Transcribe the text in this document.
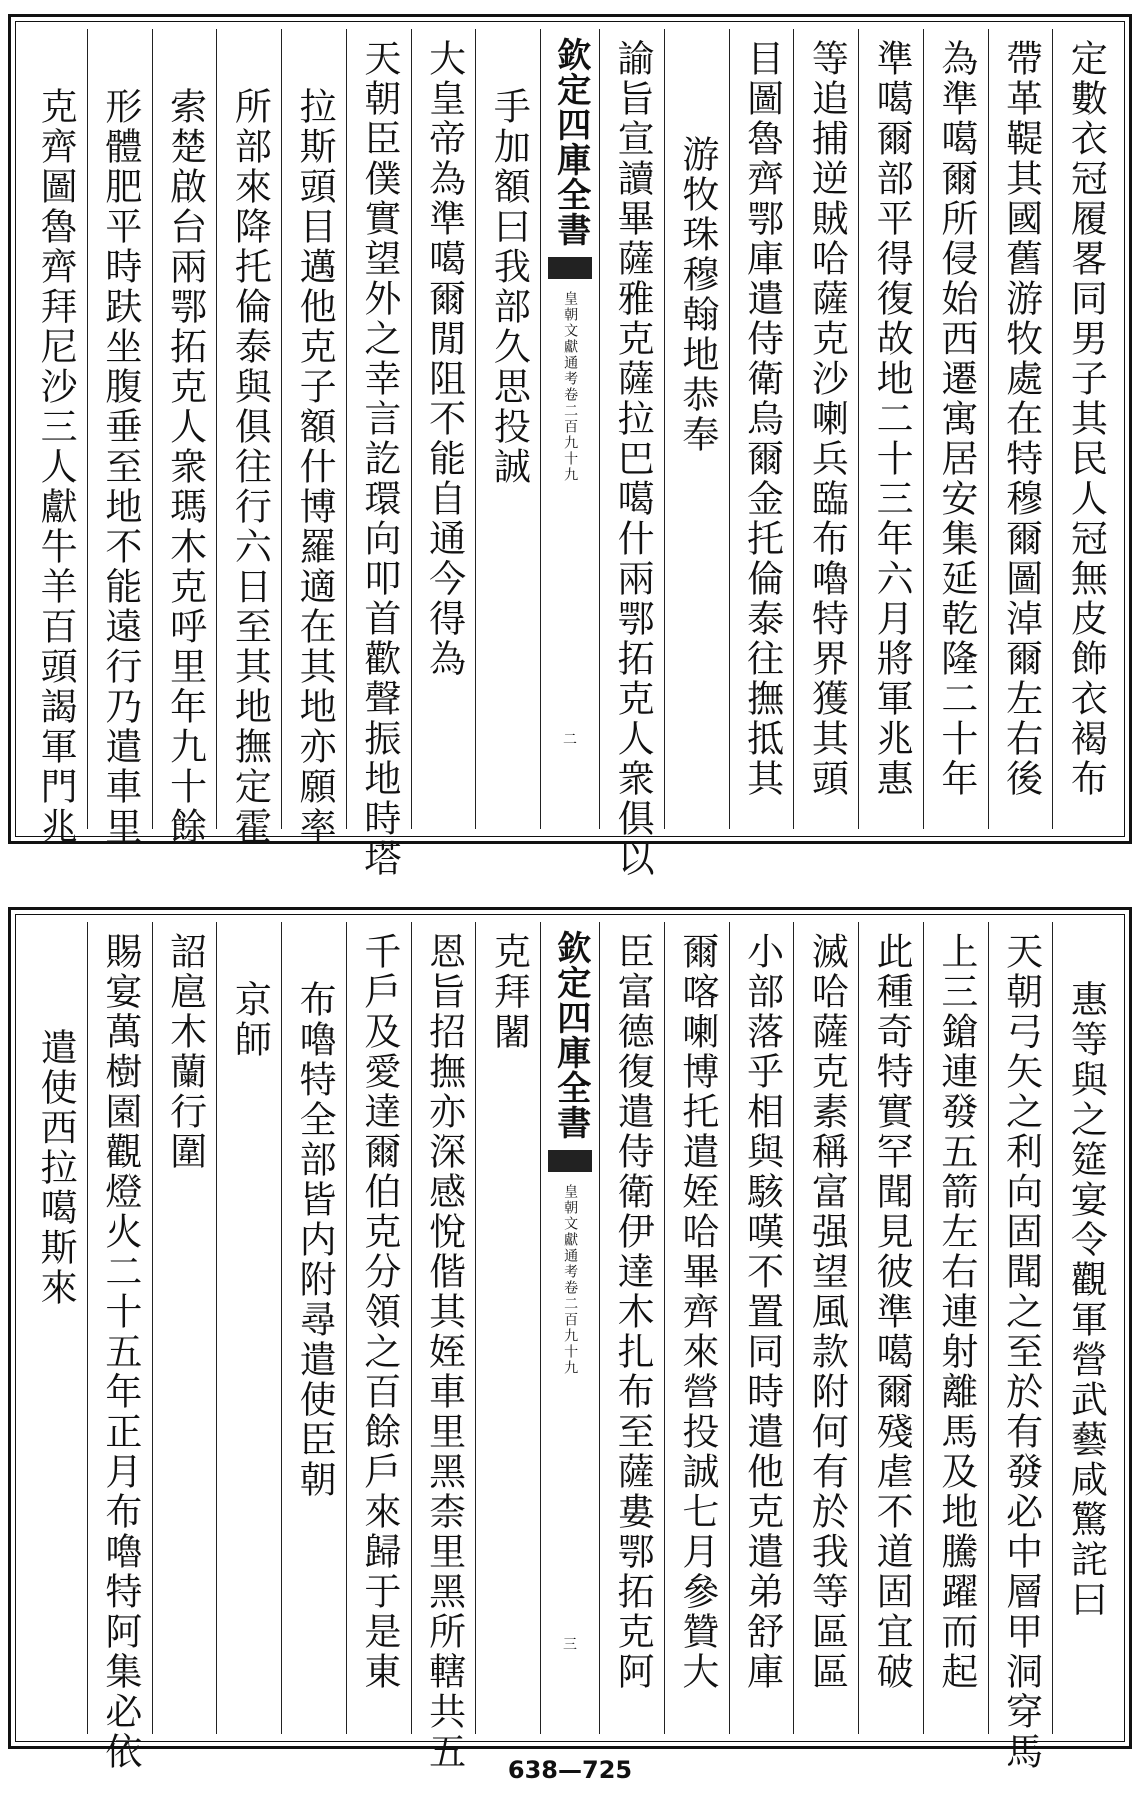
定數衣冠履畧同男子其民人冠無皮飾衣褐布
帶革鞮其國舊游牧處在特穆爾圖淖爾左右後
為準噶爾所侵始西遷寓居安集延乾隆二十年
準噶爾部平得復故地二十三年六月將軍兆惠
等追捕逆賊哈薩克沙喇兵臨布嚕特界獲其頭
目圖魯齊鄂庫遣侍衛烏爾金托倫泰往撫抵其
游牧珠穆翰地恭奉
諭旨宣讀畢薩雅克薩拉巴噶什兩鄂拓克人衆俱以
欽定四庫全書
皇朝文獻通考
卷二百九十九
二
手加額曰我部久思投誠
大皇帝為準噶爾閒阻不能自通今得為
天朝臣僕實望外之幸言訖環向叩首歡聲振地時塔
拉斯頭目邁他克子額什博羅適在其地亦願率
所部來降托倫泰與俱往行六日至其地撫定霍
索楚啟台兩鄂拓克人衆瑪木克呼里年九十餘
形體肥平時趺坐腹垂至地不能遠行乃遣車里
克齊圖魯齊拜尼沙三人獻牛羊百頭謁軍門兆
惠等與之筵宴令觀軍營武藝咸驚詫曰
天朝弓矢之利向固聞之至於有發必中層甲洞穿馬
上三鎗連發五箭左右連射離馬及地騰躍而起
此種奇特實罕聞見彼準噶爾殘虐不道固宜破
滅哈薩克素稱富强望風款附何有於我等區區
小部落乎相與駭嘆不置同時遣他克遣弟舒庫
爾喀喇博托遣姪哈畢齊來營投誠七月參贊大
臣富德復遣侍衛伊達木扎布至薩婁鄂拓克阿
欽定四庫全書
皇朝文獻通考
卷二百九十九
三
克拜闍
恩旨招撫亦深感悅偕其姪車里黑柰里黑所轄共五
千戶及愛達爾伯克分領之百餘戶來歸于是東
布嚕特全部皆内附尋遣使臣朝
京師
詔扈木蘭行圍
賜宴萬樹園觀燈火二十五年正月布嚕特阿集必依
遣使西拉噶斯來
638—725
